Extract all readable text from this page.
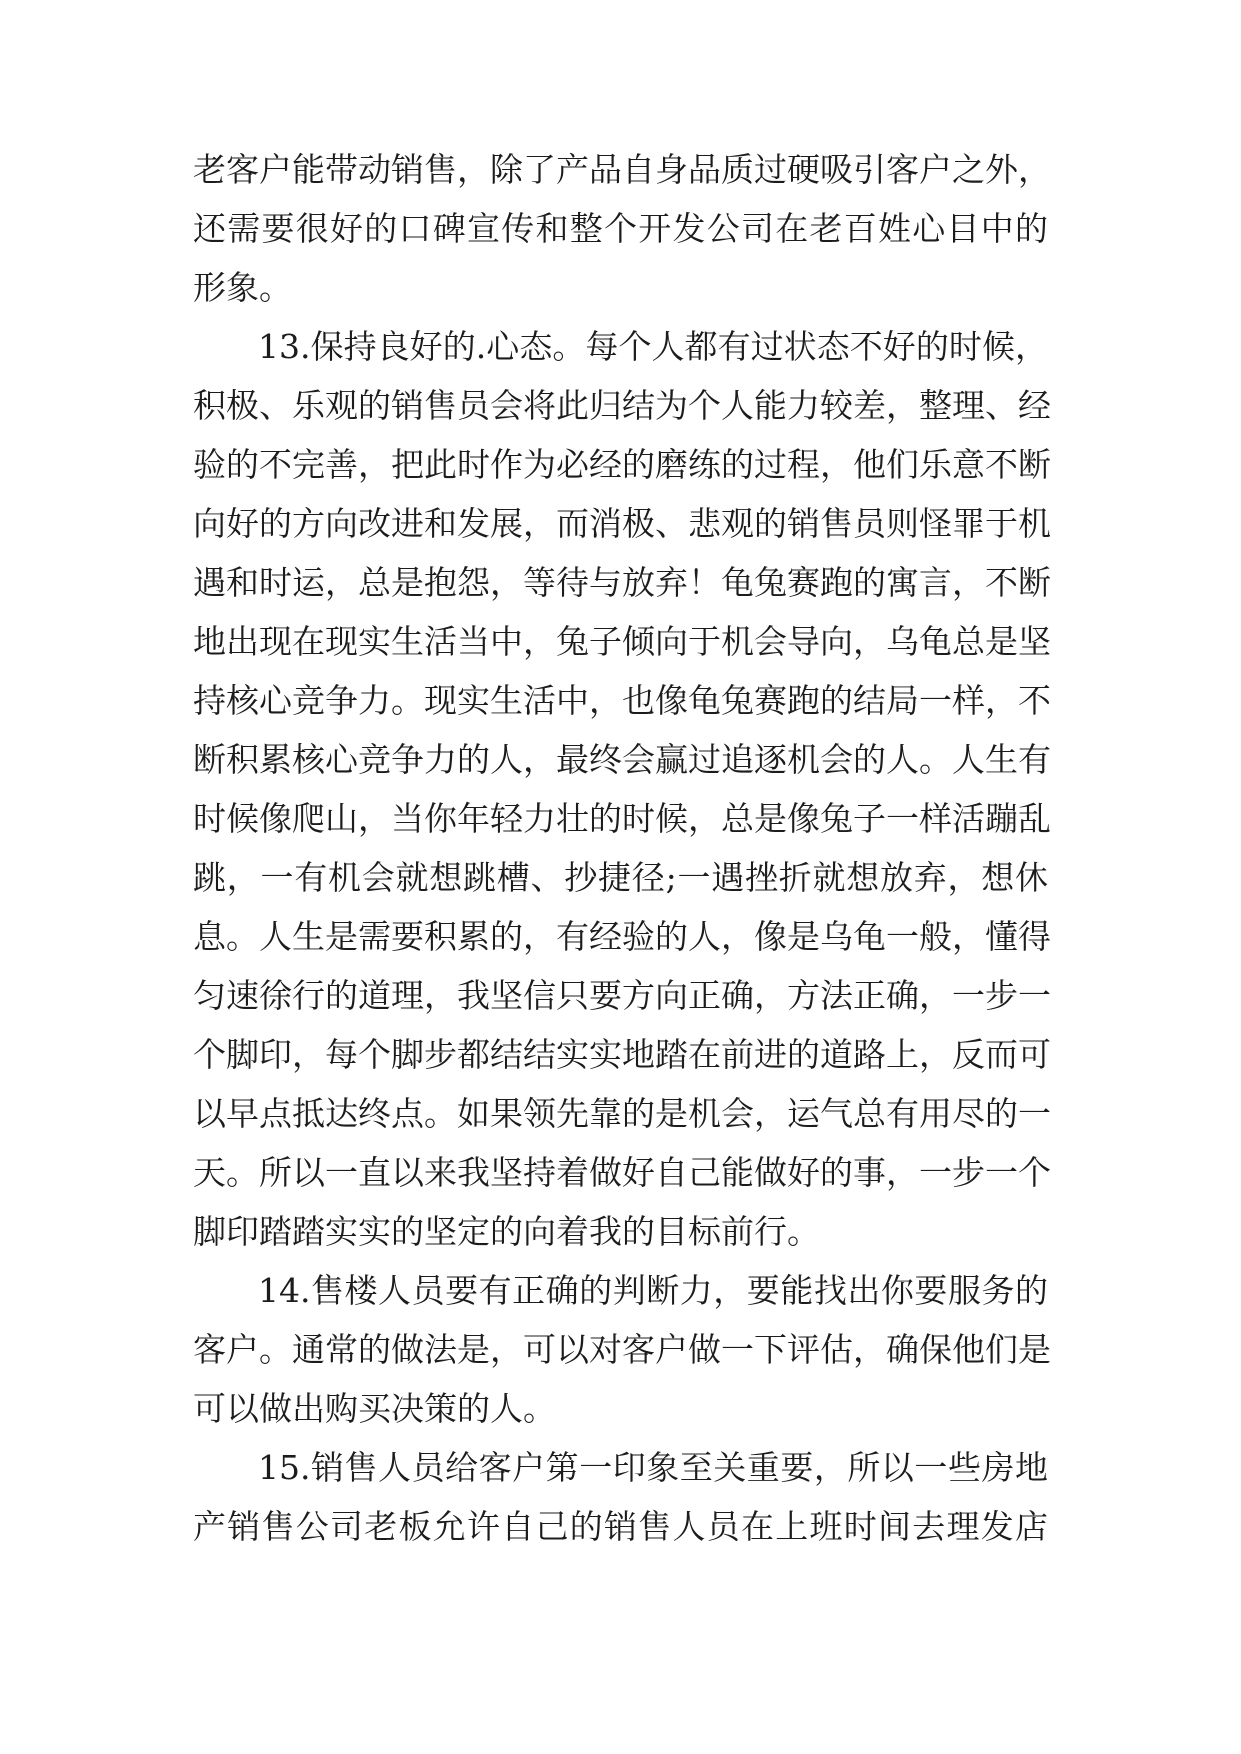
老客户能带动销售，除了产品自身品质过硬吸引客户之外，
还需要很好的口碑宣传和整个开发公司在老百姓心目中的
形象。
13.保持良好的.心态。每个人都有过状态不好的时候，
积极、乐观的销售员会将此归结为个人能力较差，整理、经
验的不完善，把此时作为必经的磨练的过程，他们乐意不断
向好的方向改进和发展，而消极、悲观的销售员则怪罪于机
遇和时运，总是抱怨，等待与放弃！龟兔赛跑的寓言，不断
地出现在现实生活当中，兔子倾向于机会导向，乌龟总是坚
持核心竞争力。现实生活中，也像龟兔赛跑的结局一样，不
断积累核心竞争力的人，最终会赢过追逐机会的人。人生有
时候像爬山，当你年轻力壮的时候，总是像兔子一样活蹦乱
跳，一有机会就想跳槽、抄捷径;一遇挫折就想放弃，想休
息。人生是需要积累的，有经验的人，像是乌龟一般，懂得
匀速徐行的道理，我坚信只要方向正确，方法正确，一步一
个脚印，每个脚步都结结实实地踏在前进的道路上，反而可
以早点抵达终点。如果领先靠的是机会，运气总有用尽的一
天。所以一直以来我坚持着做好自己能做好的事，一步一个
脚印踏踏实实的坚定的向着我的目标前行。
14.售楼人员要有正确的判断力，要能找出你要服务的
客户。通常的做法是，可以对客户做一下评估，确保他们是
可以做出购买决策的人。
15.销售人员给客户第一印象至关重要，所以一些房地
产销售公司老板允许自己的销售人员在上班时间去理发店
